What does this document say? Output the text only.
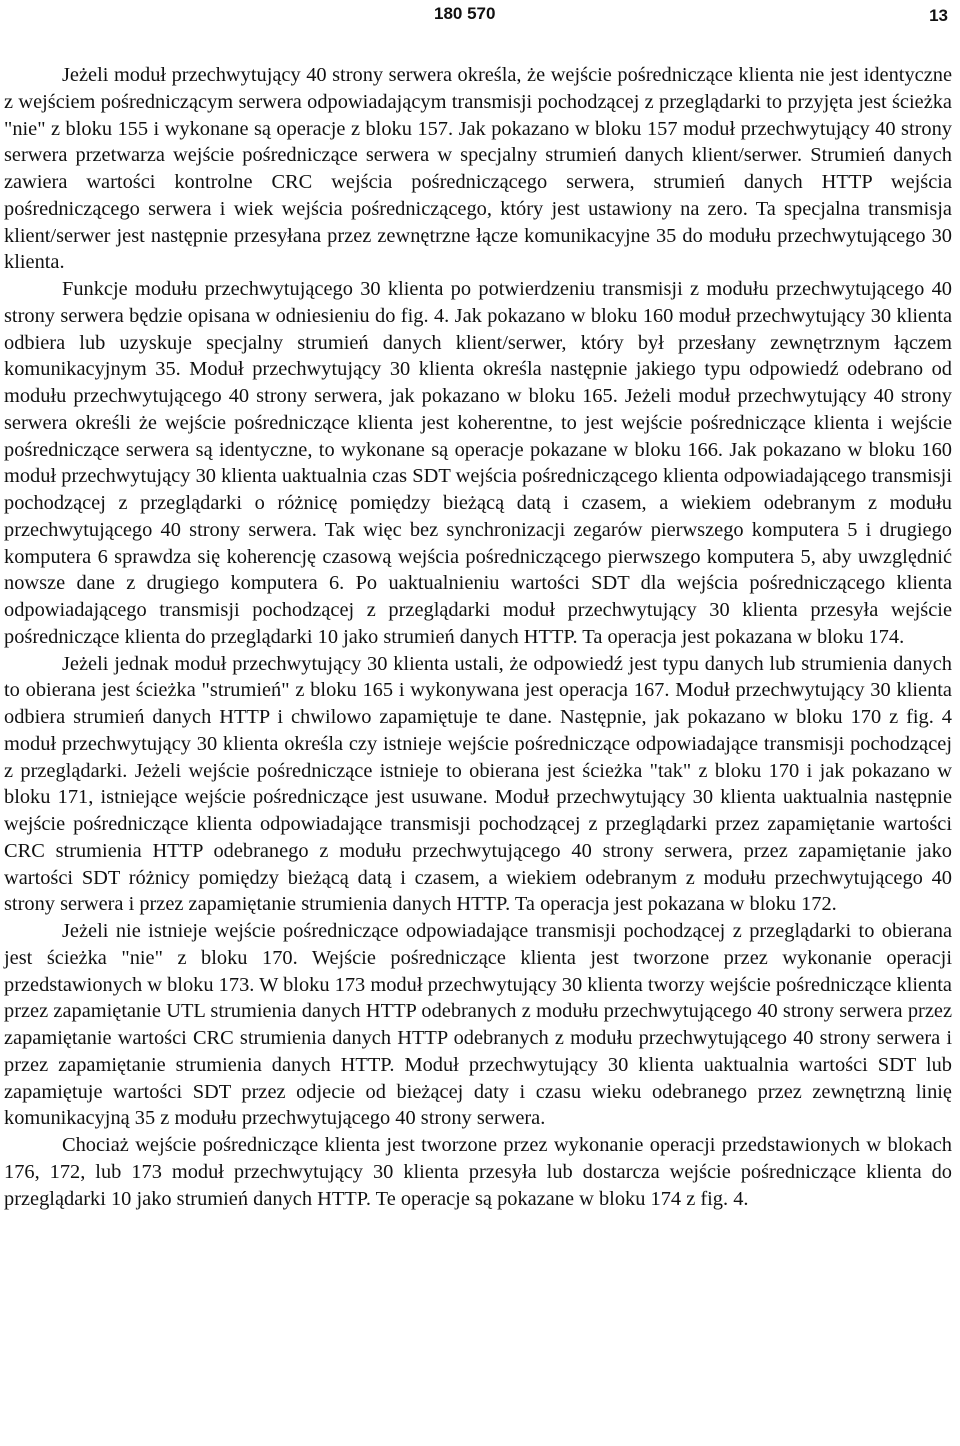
180 570	13

Jeżeli moduł przechwytujący 40 strony serwera określa, że wejście pośredniczące klienta nie jest identyczne z wejściem pośredniczącym serwera odpowiadającym transmisji pochodzącej z przeglądarki to przyjęta jest ścieżka "nie" z bloku 155 i wykonane są operacje z bloku 157. Jak pokazano w bloku 157 moduł przechwytujący 40 strony serwera przetwarza wejście pośredniczące serwera w specjalny strumień danych klient/serwer. Strumień danych zawiera wartości kontrolne CRC wejścia pośredniczącego serwera, strumień danych HTTP wejścia pośredniczącego serwera i wiek wejścia pośredniczącego, który jest ustawiony na zero. Ta specjalna transmisja klient/serwer jest następnie przesyłana przez zewnętrzne łącze komunikacyjne 35 do modułu przechwytującego 30 klienta.

Funkcje modułu przechwytującego 30 klienta po potwierdzeniu transmisji z modułu przechwytującego 40 strony serwera będzie opisana w odniesieniu do fig. 4. Jak pokazano w bloku 160 moduł przechwytujący 30 klienta odbiera lub uzyskuje specjalny strumień danych klient/serwer, który był przesłany zewnętrznym łączem komunikacyjnym 35. Moduł przechwytujący 30 klienta określa następnie jakiego typu odpowiedź odebrano od modułu przechwytującego 40 strony serwera, jak pokazano w bloku 165. Jeżeli moduł przechwytujący 40 strony serwera określi że wejście pośredniczące klienta jest koherentne, to jest wejście pośredniczące klienta i wejście pośredniczące serwera są identyczne, to wykonane są operacje pokazane w bloku 166. Jak pokazano w bloku 160 moduł przechwytujący 30 klienta uaktualnia czas SDT wejścia pośredniczącego klienta odpowiadającego transmisji pochodzącej z przeglądarki o różnicę pomiędzy bieżącą datą i czasem, a wiekiem odebranym z modułu przechwytującego 40 strony serwera. Tak więc bez synchronizacji zegarów pierwszego komputera 5 i drugiego komputera 6 sprawdza się koherencję czasową wejścia pośredniczącego pierwszego komputera 5, aby uwzględnić nowsze dane z drugiego komputera 6. Po uaktualnieniu wartości SDT dla wejścia pośredniczącego klienta odpowiadającego transmisji pochodzącej z przeglądarki moduł przechwytujący 30 klienta przesyła wejście pośredniczące klienta do przeglądarki 10 jako strumień danych HTTP. Ta operacja jest pokazana w bloku 174.

Jeżeli jednak moduł przechwytujący 30 klienta ustali, że odpowiedź jest typu danych lub strumienia danych to obierana jest ścieżka "strumień" z bloku 165 i wykonywana jest operacja 167. Moduł przechwytujący 30 klienta odbiera strumień danych HTTP i chwilowo zapamiętuje te dane. Następnie, jak pokazano w bloku 170 z fig. 4 moduł przechwytujący 30 klienta określa czy istnieje wejście pośredniczące odpowiadające transmisji pochodzącej z przeglądarki. Jeżeli wejście pośredniczące istnieje to obierana jest ścieżka "tak" z bloku 170 i jak pokazano w bloku 171, istniejące wejście pośredniczące jest usuwane. Moduł przechwytujący 30 klienta uaktualnia następnie wejście pośredniczące klienta odpowiadające transmisji pochodzącej z przeglądarki przez zapamiętanie wartości CRC strumienia HTTP odebranego z modułu przechwytującego 40 strony serwera, przez zapamiętanie jako wartości SDT różnicy pomiędzy bieżącą datą i czasem, a wiekiem odebranym z modułu przechwytującego 40 strony serwera i przez zapamiętanie strumienia danych HTTP. Ta operacja jest pokazana w bloku 172.

Jeżeli nie istnieje wejście pośredniczące odpowiadające transmisji pochodzącej z przeglądarki to obierana jest ścieżka "nie" z bloku 170. Wejście pośredniczące klienta jest tworzone przez wykonanie operacji przedstawionych w bloku 173. W bloku 173 moduł przechwytujący 30 klienta tworzy wejście pośredniczące klienta przez zapamiętanie UTL strumienia danych HTTP odebranych z modułu przechwytującego 40 strony serwera przez zapamiętanie wartości CRC strumienia danych HTTP odebranych z modułu przechwytującego 40 strony serwera i przez zapamiętanie strumienia danych HTTP. Moduł przechwytujący 30 klienta uaktualnia wartości SDT lub zapamiętuje wartości SDT przez odjecie od bieżącej daty i czasu wieku odebranego przez zewnętrzną linię komunikacyjną 35 z modułu przechwytującego 40 strony serwera.

Chociaż wejście pośredniczące klienta jest tworzone przez wykonanie operacji przedstawionych w blokach 176, 172, lub 173 moduł przechwytujący 30 klienta przesyła lub dostarcza wejście pośredniczące klienta do przeglądarki 10 jako strumień danych HTTP. Te operacje są pokazane w bloku 174 z fig. 4.
